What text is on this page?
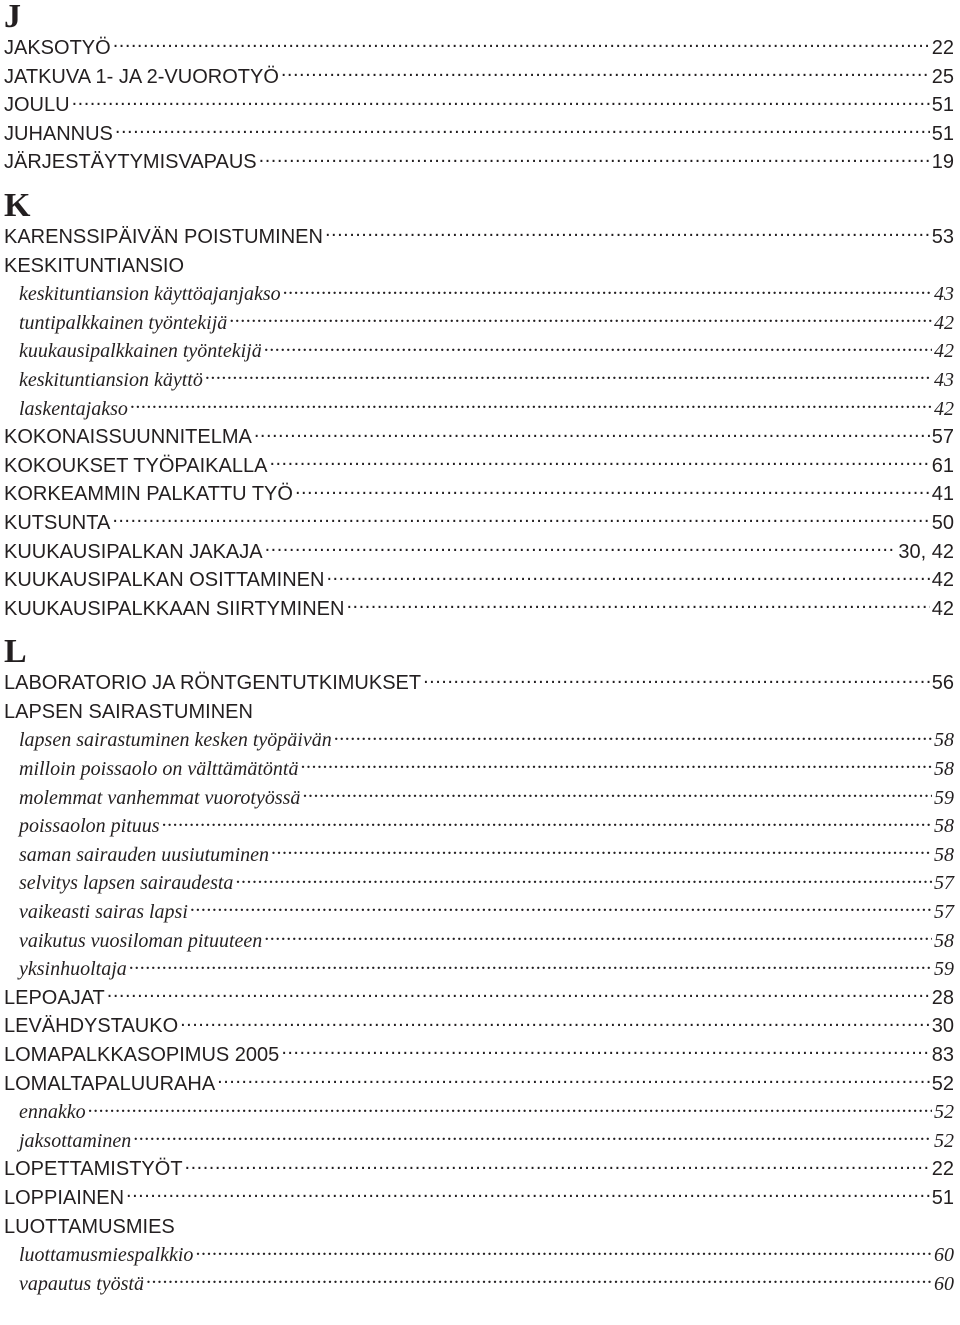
J
JAKSOTYÖ .....	22
JATKUVA 1- JA 2-VUOROTYÖ .....	25
JOULU .....	51
JUHANNUS .....	51
JÄRJESTÄYTYMISVAPAUS .....	19
K
KARENSSIPÄIVÄN POISTUMINEN .....	53
KESKITUNTIANSIO
keskituntiansion käyttöajanjakso .....	43
tuntipalkkainen työntekijä .....	42
kuukausipalkkainen työntekijä .....	42
keskituntiansion käyttö .....	43
laskentajakso .....	42
KOKONAISSUUNNITELMA .....	57
KOKOUKSET TYÖPAIKALLA .....	61
KORKEAMMIN PALKATTU TYÖ .....	41
KUTSUNTA .....	50
KUUKAUSIPALKAN JAKAJA .....	30, 42
KUUKAUSIPALKAN OSITTAMINEN .....	42
KUUKAUSIPALKKAAN SIIRTYMINEN .....	42
L
LABORATORIO JA RÖNTGENTUTKIMUKSET .....	56
LAPSEN SAIRASTUMINEN
lapsen sairastuminen kesken työpäivän .....	58
milloin poissaolo on välttämätöntä .....	58
molemmat vanhemmat vuorotyössä .....	59
poissaolon pituus .....	58
saman sairauden uusiutuminen .....	58
selvitys lapsen sairaudesta .....	57
vaikeasti sairas lapsi .....	57
vaikutus vuosiloman pituuteen .....	58
yksinhuoltaja .....	59
LEPOAJAT .....	28
LEVÄHDYSTAUKO .....	30
LOMAPALKKASOPIMUS 2005 .....	83
LOMALTAPALUURAHA .....	52
ennakko .....	52
jaksottaminen .....	52
LOPETTAMISTYÖT .....	22
LOPPIAINEN .....	51
LUOTTAMUSMIES
luottamusmiespalkkio .....	60
vapautus työstä .....	60
